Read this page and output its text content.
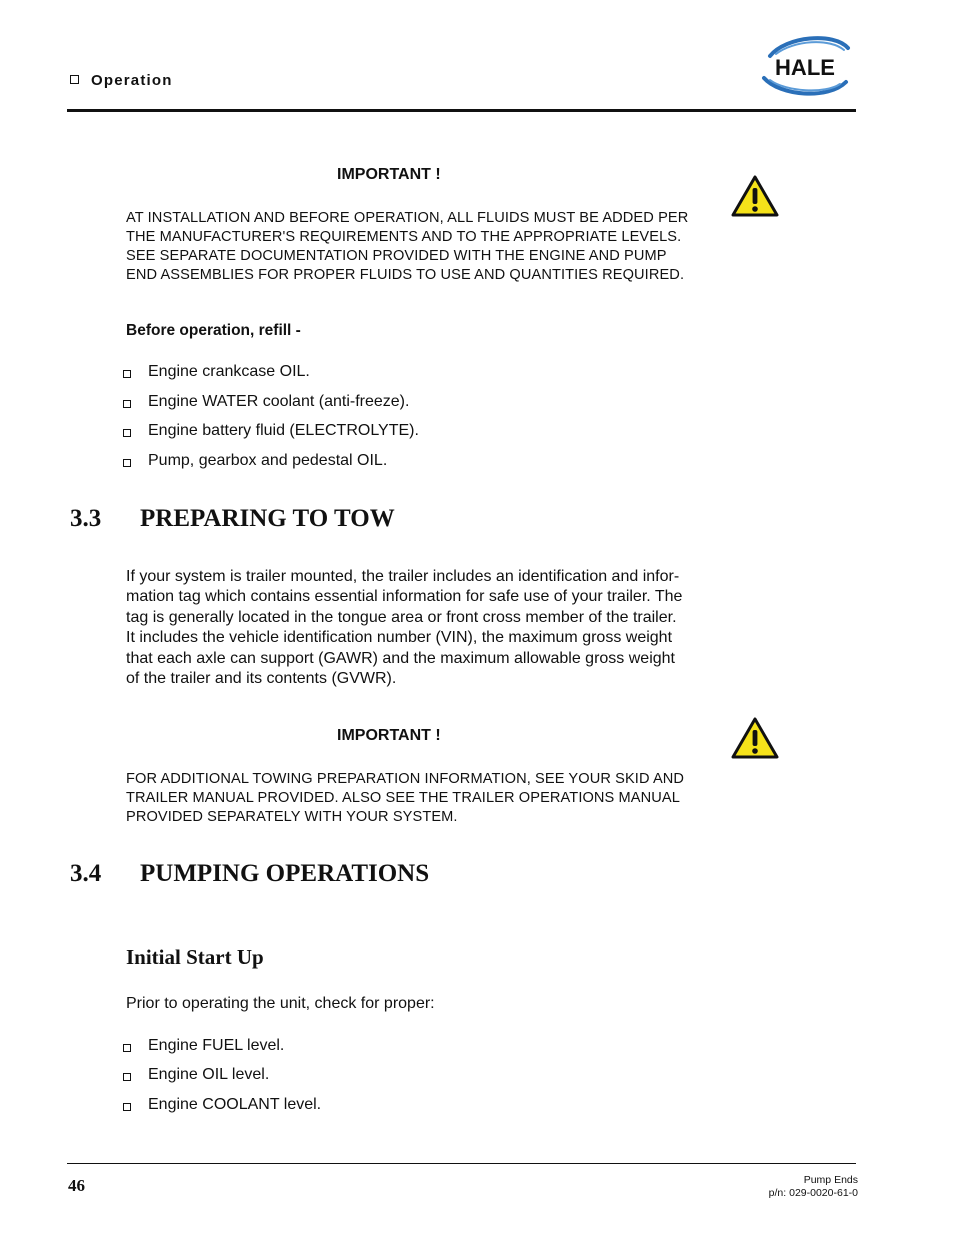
Operation
HALE
IMPORTANT !
AT INSTALLATION AND BEFORE OPERATION, ALL FLUIDS MUST BE ADDED PER
THE MANUFACTURER'S REQUIREMENTS AND TO THE APPROPRIATE LEVELS.
SEE SEPARATE DOCUMENTATION PROVIDED WITH THE ENGINE AND PUMP
END ASSEMBLIES FOR PROPER FLUIDS TO USE AND QUANTITIES REQUIRED.
Before operation, refill -
Engine crankcase OIL.
Engine WATER coolant (anti-freeze).
Engine battery fluid (ELECTROLYTE).
Pump, gearbox and pedestal OIL.
3.3 PREPARING TO TOW
If your system is trailer mounted, the trailer includes an identification and infor-
mation tag which contains essential information for safe use of your trailer. The
tag is generally located in the tongue area or front cross member of the trailer.
It includes the vehicle identification number (VIN), the maximum gross weight
that each axle can support (GAWR) and the maximum allowable gross weight
of the trailer and its contents (GVWR).
IMPORTANT !
FOR ADDITIONAL TOWING PREPARATION INFORMATION, SEE YOUR SKID AND
TRAILER MANUAL PROVIDED. ALSO SEE THE TRAILER OPERATIONS MANUAL
PROVIDED SEPARATELY WITH YOUR SYSTEM.
3.4 PUMPING OPERATIONS
Initial Start Up
Prior to operating the unit, check for proper:
Engine FUEL level.
Engine OIL level.
Engine COOLANT level.
46	Pump Ends
p/n: 029-0020-61-0
